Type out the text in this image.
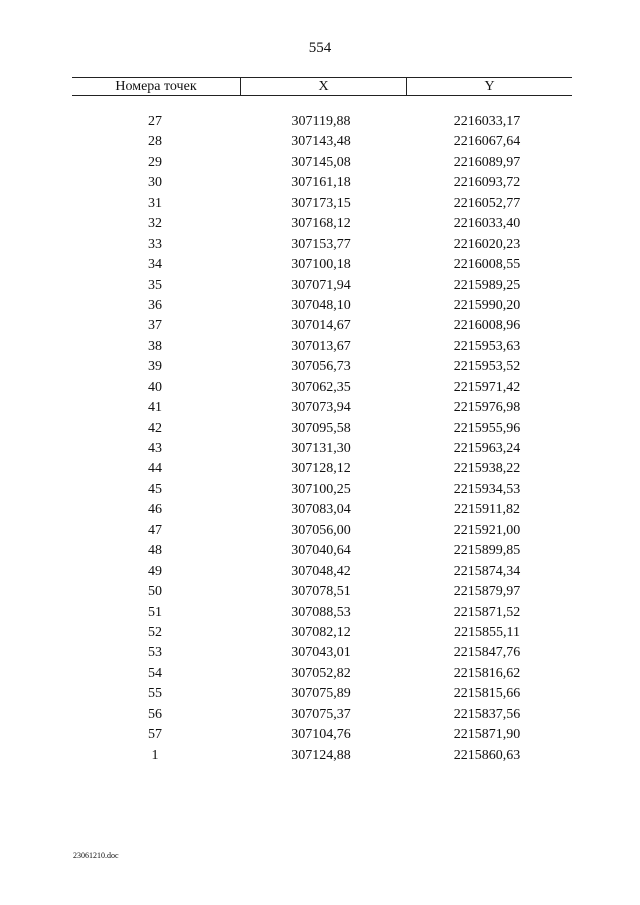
554
Номера точек	X	Y
27	307119,88	2216033,17
28	307143,48	2216067,64
29	307145,08	2216089,97
30	307161,18	2216093,72
31	307173,15	2216052,77
32	307168,12	2216033,40
33	307153,77	2216020,23
34	307100,18	2216008,55
35	307071,94	2215989,25
36	307048,10	2215990,20
37	307014,67	2216008,96
38	307013,67	2215953,63
39	307056,73	2215953,52
40	307062,35	2215971,42
41	307073,94	2215976,98
42	307095,58	2215955,96
43	307131,30	2215963,24
44	307128,12	2215938,22
45	307100,25	2215934,53
46	307083,04	2215911,82
47	307056,00	2215921,00
48	307040,64	2215899,85
49	307048,42	2215874,34
50	307078,51	2215879,97
51	307088,53	2215871,52
52	307082,12	2215855,11
53	307043,01	2215847,76
54	307052,82	2215816,62
55	307075,89	2215815,66
56	307075,37	2215837,56
57	307104,76	2215871,90
1	307124,88	2215860,63
23061210.doc
